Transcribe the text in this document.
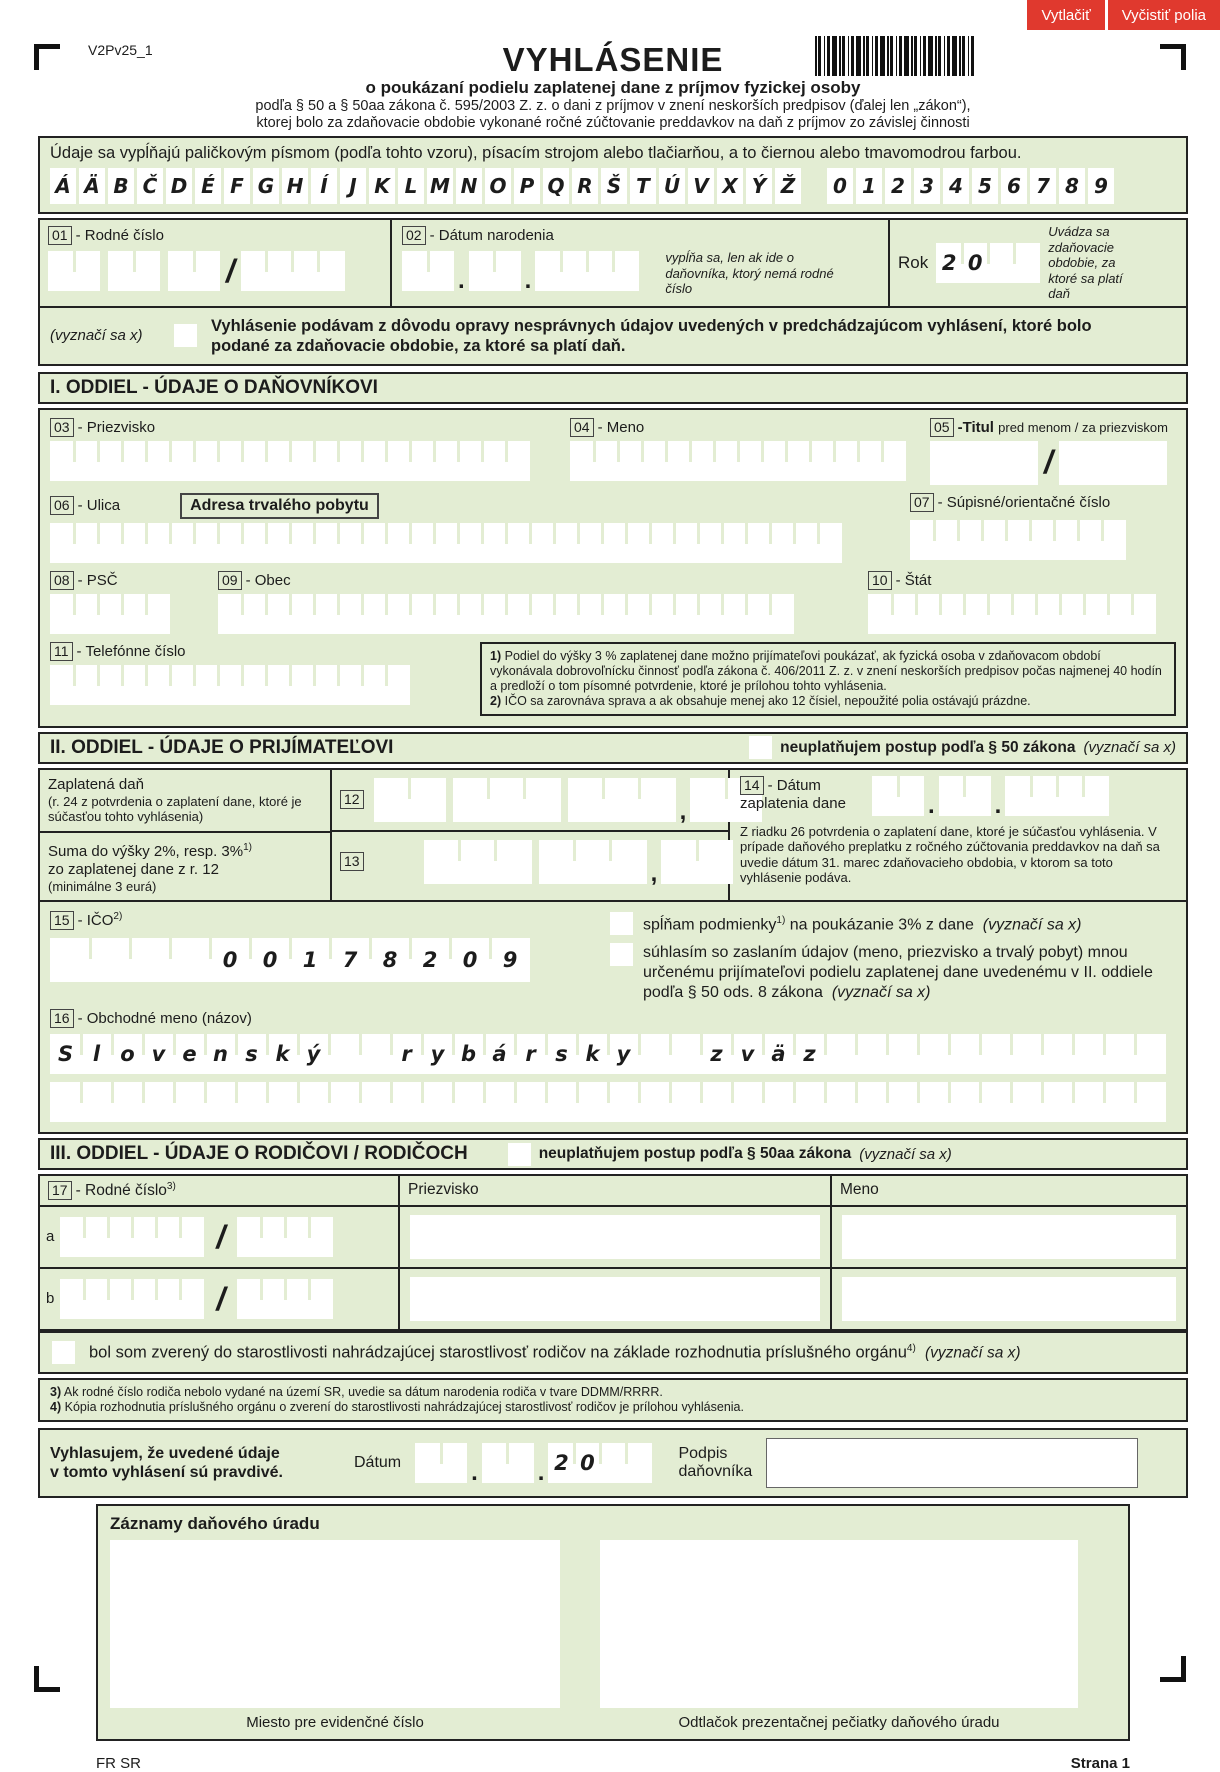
Vytlačiť	Vyčistiť polia
V2Pv25_1	VYHLÁSENIE
o poukázaní podielu zaplatenej dane z príjmov fyzickej osoby
podľa § 50 a § 50aa zákona č. 595/2003 Z. z. o dani z príjmov v znení neskorších predpisov (ďalej len „zákon“),
ktorej bolo za zdaňovacie obdobie vykonané ročné zúčtovanie preddavkov na daň z príjmov zo závislej činnosti
Údaje sa vypĺňajú paličkovým písmom (podľa tohto vzoru), písacím strojom alebo tlačiarňou, a to čiernou alebo tmavomodrou farbou.
Á Ä B Č D É F G H Í	J K L M N O P Q R Š T Ú V X Ý Ž	0 1 2 3 4 5 6 7 8 9
01 - Rodné číslo
/
02 - Dátum narodenia
.	.
vypĺňa sa, len ak ide o daňovníka, ktorý nemá rodné číslo
Rok 2 0
Uvádza sa zdaňovacie obdobie, za ktoré sa platí daň
(vyznačí sa x)
Vyhlásenie podávam z dôvodu opravy nesprávnych údajov uvedených v predchádzajúcom vyhlásení, ktoré bolo podané za zdaňovacie obdobie, za ktoré sa platí daň.
I. ODDIEL - ÚDAJE O DAŇOVNÍKOVI
03 - Priezvisko	04 - Meno	05 -Titul pred menom / za priezviskom
/
06 - Ulica	Adresa trvalého pobytu	07 - Súpisné/orientačné číslo
08 - PSČ	09 - Obec	10 - Štát
11 - Telefónne číslo	1) Podiel do výšky 3 % zaplatenej dane možno prijímateľovi poukázať, ak fyzická osoba v zdaňovacom období vykonávala dobrovoľnícku činnosť podľa zákona č. 406/2011 Z. z. v znení neskorších predpisov počas najmenej 40 hodín a predloží o tom písomné potvrdenie, ktoré je prílohou tohto vyhlásenia.
2) IČO sa zarovnáva sprava a ak obsahuje menej ako 12 čísiel, nepoužité polia ostávajú prázdne.
II. ODDIEL - ÚDAJE O PRIJÍMATEĽOVI	neuplatňujem postup podľa § 50 zákona (vyznačí sa x)
Zaplatená daň
(r. 24 z potvrdenia o zaplatení dane, ktoré je súčasťou tohto vyhlásenia)
Suma do výšky 2%, resp. 3%$^{1)}$
zo zaplatenej dane z r. 12
(minimálne 3 eurá)
12	,
13	,
14 - Dátum
zaplatenia dane	.	.
Z riadku 26 potvrdenia o zaplatení dane, ktoré je súčasťou vyhlásenia. V prípade daňového preplatku z ročného zúčtovania preddavkov na daň sa uvedie dátum 31. marec zdaňovacieho obdobia, v ktorom sa toto vyhlásenie podáva.
15 - IČO$^{2)}$
0	0	1	7	8	2	0	9
spĺňam podmienky$^{1)}$ na poukázanie 3% z dane (vyznačí sa x)
súhlasím so zaslaním údajov (meno, priezvisko a trvalý pobyt) mnou určenému prijímateľovi podielu zaplatenej dane uvedenému v II. oddiele podľa § 50 ods. 8 zákona (vyznačí sa x)
16 - Obchodné meno (názov)
S l o v e n s k ý	r y b á r s k y	z v ä z
III. ODDIEL - ÚDAJE O RODIČOVI / RODIČOCH	neuplatňujem postup podľa § 50aa zákona (vyznačí sa x)
17 - Rodné číslo$^{3)}$	Priezvisko	Meno
a	/
b	/
bol som zverený do starostlivosti nahrádzajúcej starostlivosť rodičov na základe rozhodnutia príslušného orgánu$^{4)}$ (vyznačí sa x)
3) Ak rodné číslo rodiča nebolo vydané na území SR, uvedie sa dátum narodenia rodiča v tvare DDMM/RRRR.
4) Kópia rozhodnutia príslušného orgánu o zverení do starostlivosti nahrádzajúcej starostlivosť rodičov je prílohou vyhlásenia.
Vyhlasujem, že uvedené údaje
v tomto vyhlásení sú pravdivé.
Dátum	.	. 2 0	Podpis
daňovníka
Záznamy daňového úradu
Miesto pre evidenčné číslo	Odtlačok prezentačnej pečiatky daňového úradu
FR SR	Strana 1
